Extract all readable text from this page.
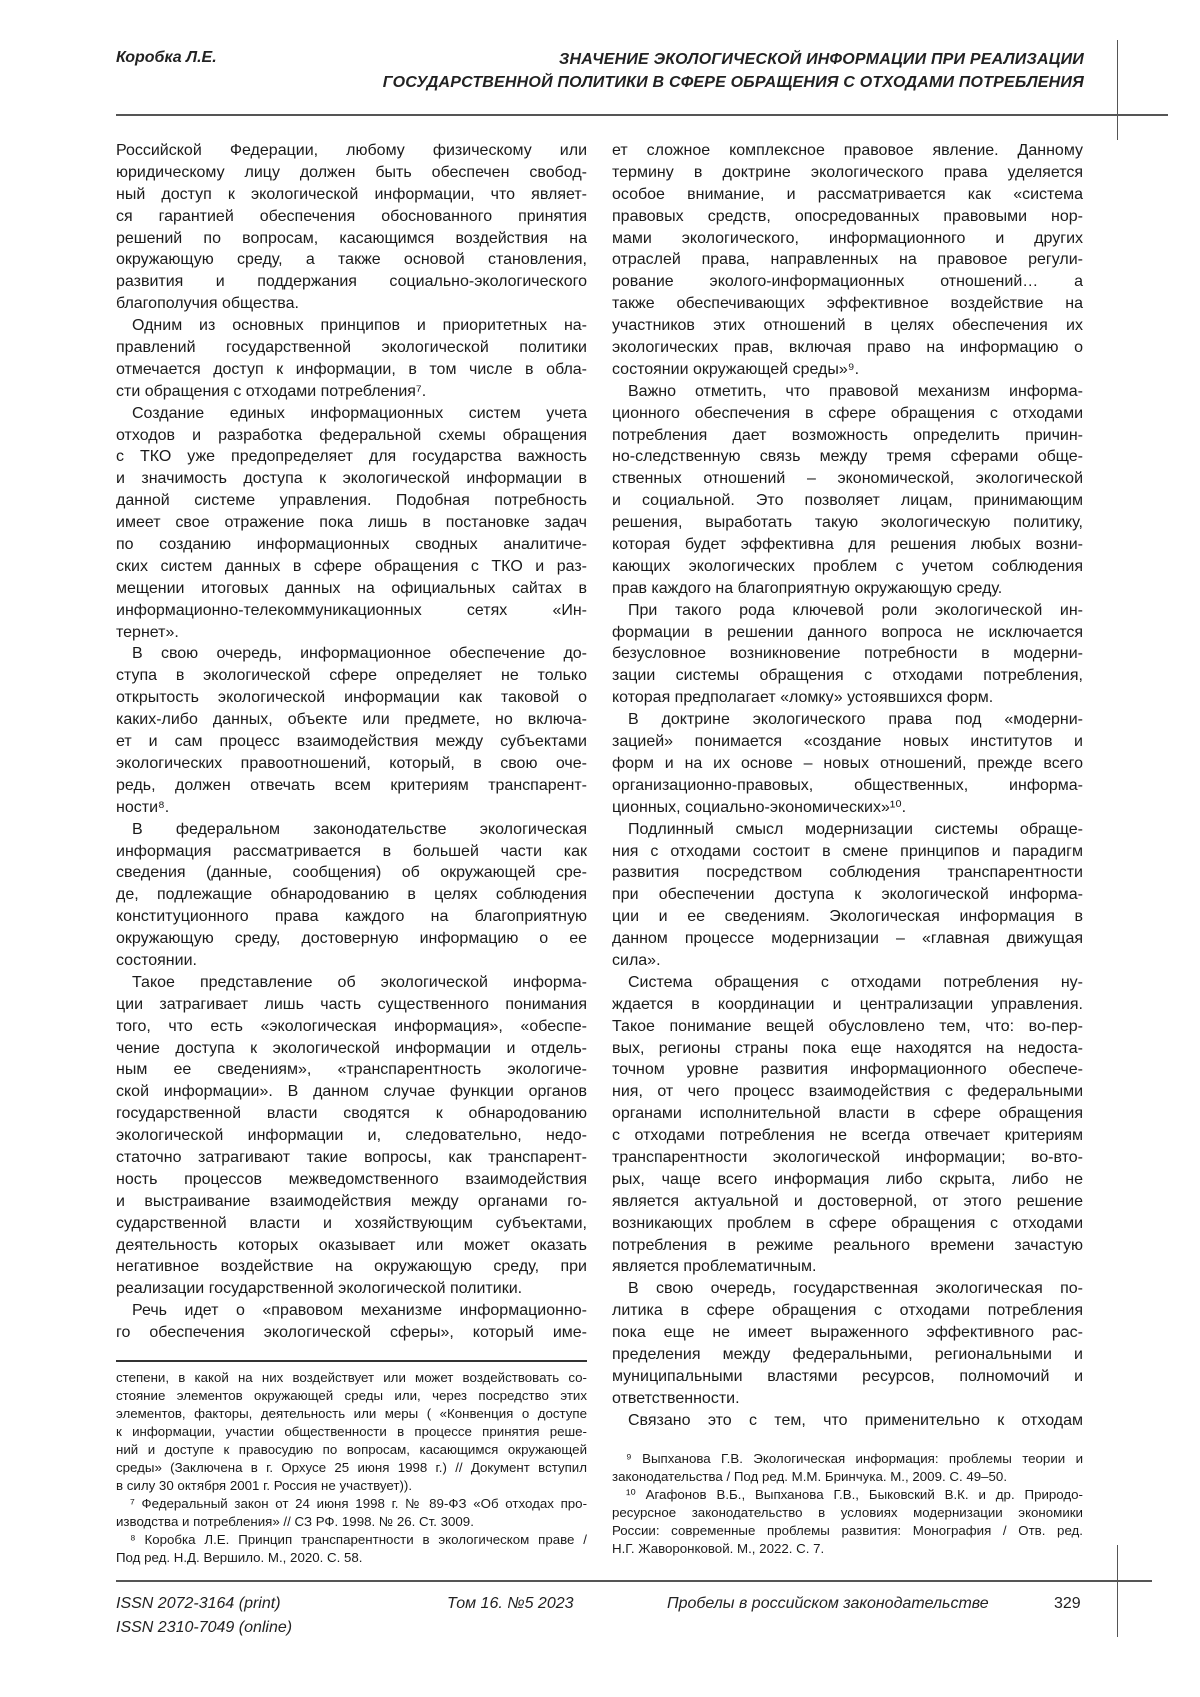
Коробка Л.Е.	ЗНАЧЕНИЕ ЭКОЛОГИЧЕСКОЙ ИНФОРМАЦИИ ПРИ РЕАЛИЗАЦИИ
ГОСУДАРСТВЕННОЙ ПОЛИТИКИ В СФЕРЕ ОБРАЩЕНИЯ С ОТХОДАМИ ПОТРЕБЛЕНИЯ
Российской Федерации, любому физическому или
юридическому лицу должен быть обеспечен свобод-
ный доступ к экологической информации, что являет-
ся гарантией обеспечения обоснованного принятия
решений по вопросам, касающимся воздействия на
окружающую среду, а также основой становления,
развития и поддержания социально-экологического
благополучия общества.
Одним из основных принципов и приоритетных на-
правлений государственной экологической политики
отмечается доступ к информации, в том числе в обла-
сти обращения с отходами потребления⁷.
Создание единых информационных систем учета
отходов и разработка федеральной схемы обращения
с ТКО уже предопределяет для государства важность
и значимость доступа к экологической информации в
данной системе управления. Подобная потребность
имеет свое отражение пока лишь в постановке задач
по созданию информационных сводных аналитиче-
ских систем данных в сфере обращения с ТКО и раз-
мещении итоговых данных на официальных сайтах в
информационно-телекоммуникационных сетях «Ин-
тернет».
В свою очередь, информационное обеспечение до-
ступа в экологической сфере определяет не только
открытость экологической информации как таковой о
каких-либо данных, объекте или предмете, но включа-
ет и сам процесс взаимодействия между субъектами
экологических правоотношений, который, в свою оче-
редь, должен отвечать всем критериям транспарент-
ности⁸.
В федеральном законодательстве экологическая
информация рассматривается в большей части как
сведения (данные, сообщения) об окружающей сре-
де, подлежащие обнародованию в целях соблюдения
конституционного права каждого на благоприятную
окружающую среду, достоверную информацию о ее
состоянии.
Такое представление об экологической информа-
ции затрагивает лишь часть существенного понимания
того, что есть «экологическая информация», «обеспе-
чение доступа к экологической информации и отдель-
ным ее сведениям», «транспарентность экологиче-
ской информации». В данном случае функции органов
государственной власти сводятся к обнародованию
экологической информации и, следовательно, недо-
статочно затрагивают такие вопросы, как транспарент-
ность процессов межведомственного взаимодействия
и выстраивание взаимодействия между органами го-
сударственной власти и хозяйствующим субъектами,
деятельность которых оказывает или может оказать
негативное воздействие на окружающую среду, при
реализации государственной экологической политики.
Речь идет о «правовом механизме информационно-
го обеспечения экологической сферы», который име-
ет сложное комплексное правовое явление. Данному
термину в доктрине экологического права уделяется
особое внимание, и рассматривается как «система
правовых средств, опосредованных правовыми нор-
мами экологического, информационного и других
отраслей права, направленных на правовое регули-
рование эколого-информационных отношений… а
также обеспечивающих эффективное воздействие на
участников этих отношений в целях обеспечения их
экологических прав, включая право на информацию о
состоянии окружающей среды»⁹.
Важно отметить, что правовой механизм информа-
ционного обеспечения в сфере обращения с отходами
потребления дает возможность определить причин-
но-следственную связь между тремя сферами обще-
ственных отношений – экономической, экологической
и социальной. Это позволяет лицам, принимающим
решения, выработать такую экологическую политику,
которая будет эффективна для решения любых возни-
кающих экологических проблем с учетом соблюдения
прав каждого на благоприятную окружающую среду.
При такого рода ключевой роли экологической ин-
формации в решении данного вопроса не исключается
безусловное возникновение потребности в модерни-
зации системы обращения с отходами потребления,
которая предполагает «ломку» устоявшихся форм.
В доктрине экологического права под «модерни-
зацией» понимается «создание новых институтов и
форм и на их основе – новых отношений, прежде всего
организационно-правовых, общественных, информа-
ционных, социально-экономических»¹⁰.
Подлинный смысл модернизации системы обраще-
ния с отходами состоит в смене принципов и парадигм
развития посредством соблюдения транспарентности
при обеспечении доступа к экологической информа-
ции и ее сведениям. Экологическая информация в
данном процессе модернизации – «главная движущая
сила».
Система обращения с отходами потребления ну-
ждается в координации и централизации управления.
Такое понимание вещей обусловлено тем, что: во-пер-
вых, регионы страны пока еще находятся на недоста-
точном уровне развития информационного обеспече-
ния, от чего процесс взаимодействия с федеральными
органами исполнительной власти в сфере обращения
с отходами потребления не всегда отвечает критериям
транспарентности экологической информации; во-вто-
рых, чаще всего информация либо скрыта, либо не
является актуальной и достоверной, от этого решение
возникающих проблем в сфере обращения с отходами
потребления в режиме реального времени зачастую
является проблематичным.
В свою очередь, государственная экологическая по-
литика в сфере обращения с отходами потребления
пока еще не имеет выраженного эффективного рас-
пределения между федеральными, региональными и
муниципальными властями ресурсов, полномочий и
ответственности.
Связано это с тем, что применительно к отходам
степени, в какой на них воздействует или может воздействовать со-
стояние элементов окружающей среды или, через посредство этих
элементов, факторы, деятельность или меры ( «Конвенция о доступе
к информации, участии общественности в процессе принятия реше-
ний и доступе к правосудию по вопросам, касающимся окружающей
среды» (Заключена в г. Орхусе 25 июня 1998 г.) // Документ вступил
в силу 30 октября 2001 г. Россия не участвует)).
⁷ Федеральный закон от 24 июня 1998 г. № 89-ФЗ «Об отходах про-
изводства и потребления» // СЗ РФ. 1998. № 26. Ст. 3009.
⁸ Коробка Л.Е. Принцип транспарентности в экологическом праве /
Под ред. Н.Д. Вершило. М., 2020. С. 58.
⁹ Выпханова Г.В. Экологическая информация: проблемы теории и
законодательства / Под ред. М.М. Бринчука. М., 2009. С. 49–50.
¹⁰ Агафонов В.Б., Выпханова Г.В., Быковский В.К. и др. Природо-
ресурсное законодательство в условиях модернизации экономики
России: современные проблемы развития: Монография / Отв. ред.
Н.Г. Жаворонковой. М., 2022. С. 7.
ISSN 2072-3164 (print)
ISSN 2310-7049 (online)
Том 16. №5 2023	Пробелы в российском законодательстве	329
